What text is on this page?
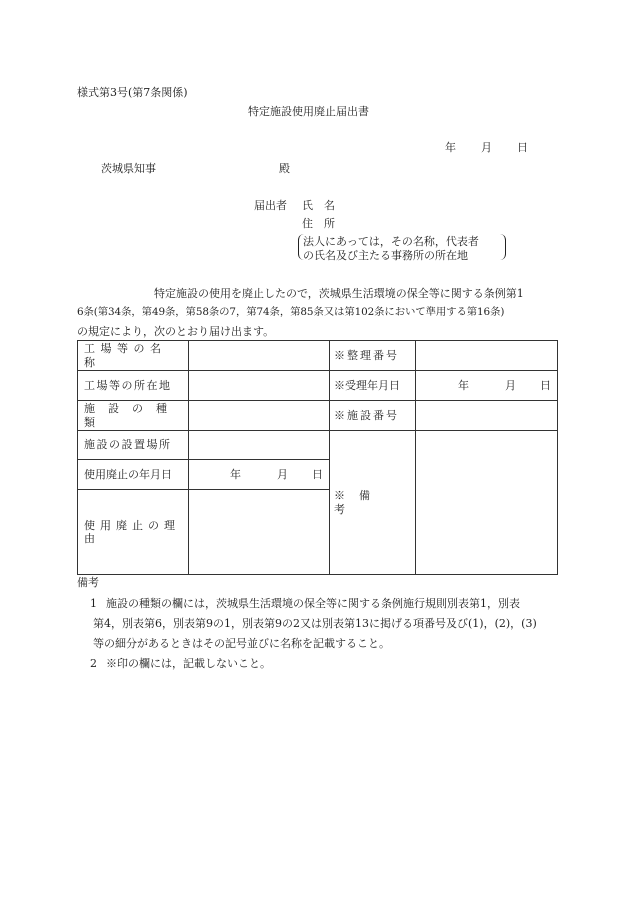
様式第3号(第7条関係)
特定施設使用廃止届出書
年 月 日
茨城県知事	殿
届出者 氏　名
住　所
法人にあっては，その名称，代表者
の氏名及び主たる事務所の所在地
特定施設の使用を廃止したので，茨城県生活環境の保全等に関する条例第1
6条(第34条，第49条，第58条の7，第74条，第85条又は第102条において準用する第16条)
の規定により，次のとおり届け出ます。
工場等の名称		※整理番号	
工場等の所在地		※受理年月日	年 月 日

施設の種類		※施設番号	
施設の設置場所		※備考	
使用廃止の年月日	年 月 日		

使用廃止の理由			
備考
1 施設の種類の欄には，茨城県生活環境の保全等に関する条例施行規則別表第1，別表
第4，別表第6，別表第9の1，別表第9の2又は別表第13に掲げる項番号及び(1)，(2)，(3)
等の細分があるときはその記号並びに名称を記載すること。
2 ※印の欄には，記載しないこと。
